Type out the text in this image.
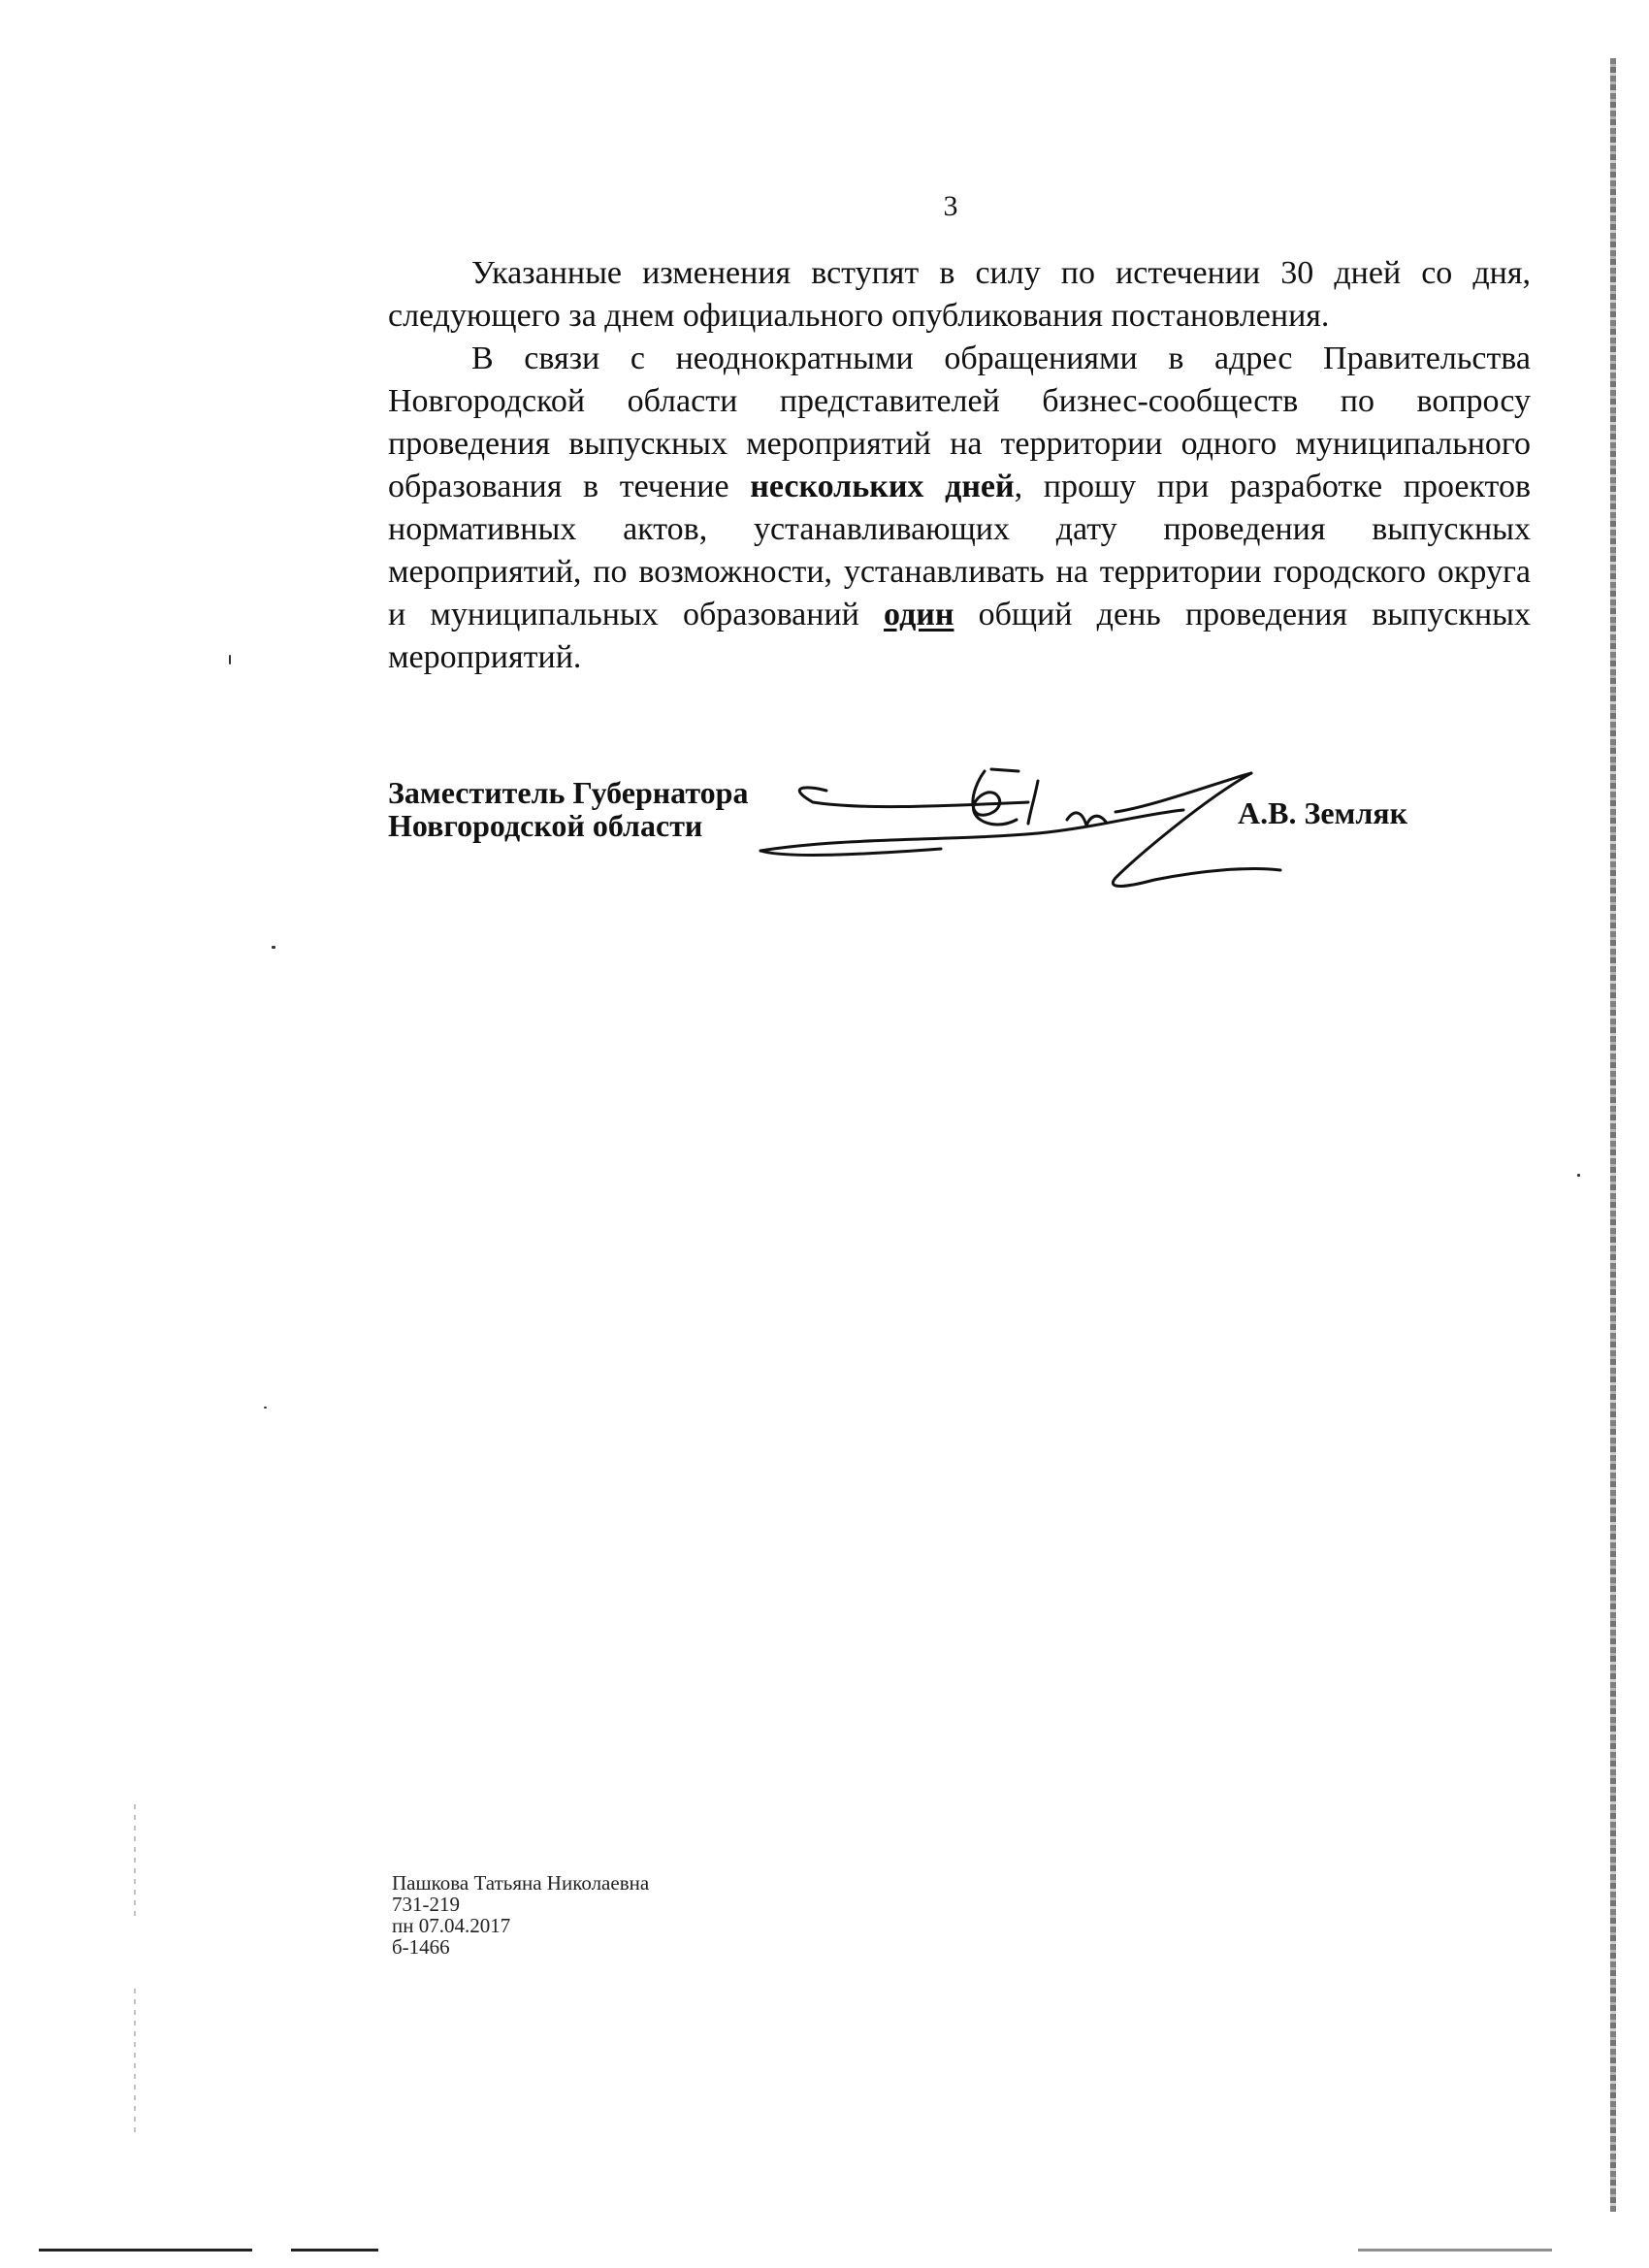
3

Указанные изменения вступят в силу по истечении 30 дней со дня, следующего за днем официального опубликования постановления.

В связи с неоднократными обращениями в адрес Правительства Новгородской области представителей бизнес-сообществ по вопросу проведения выпускных мероприятий на территории одного муниципального образования в течение нескольких дней, прошу при разработке проектов нормативных актов, устанавливающих дату проведения выпускных мероприятий, по возможности, устанавливать на территории городского округа и муниципальных образований один общий день проведения выпускных мероприятий.

Заместитель Губернатора
Новгородской области	А.В. Земляк
Пашкова Татьяна Николаевна
731-219
пн 07.04.2017
б-1466
